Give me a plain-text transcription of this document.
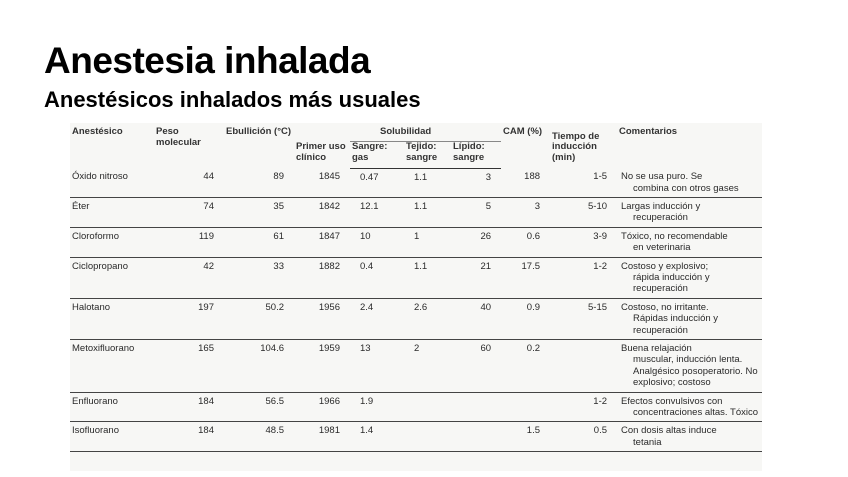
Anestesia inhalada
Anestésicos inhalados más usuales
Anestésico	Peso molecular	Ebullición (°C)	Primer uso clínico	Solubilidad			CAM (%)	Tiempo de inducción (min)	Comentarios
				Sangre: gas	Tejido: sangre	Lípido: sangre			
Óxido nitroso	44	89	1845	0.47	1.1	3	188	1-5	No se usa puro. Se
combina con otros gases

Éter	74	35	1842	12.1	1.1	5	3	5-10	Largas inducción y
recuperación

Cloroformo	119	61	1847	10	1	26	0.6	3-9	Tóxico, no recomendable
en veterinaria

Ciclopropano	42	33	1882	0.4	1.1	21	17.5	1-2	Costoso y explosivo;
rápida inducción y recuperación

Halotano	197	50.2	1956	2.4	2.6	40	0.9	5-15	Costoso, no irritante.
Rápidas inducción y recuperación

Metoxifluorano	165	104.6	1959	13	2	60	0.2		Buena relajación
muscular, inducción lenta. Analgésico posoperatorio. No explosivo; costoso

Enfluorano	184	56.5	1966	1.9				1-2	Efectos convulsivos con
concentraciones altas. Tóxico

Isofluorano	184	48.5	1981	1.4			1.5	0.5	Con dosis altas induce
tetania
